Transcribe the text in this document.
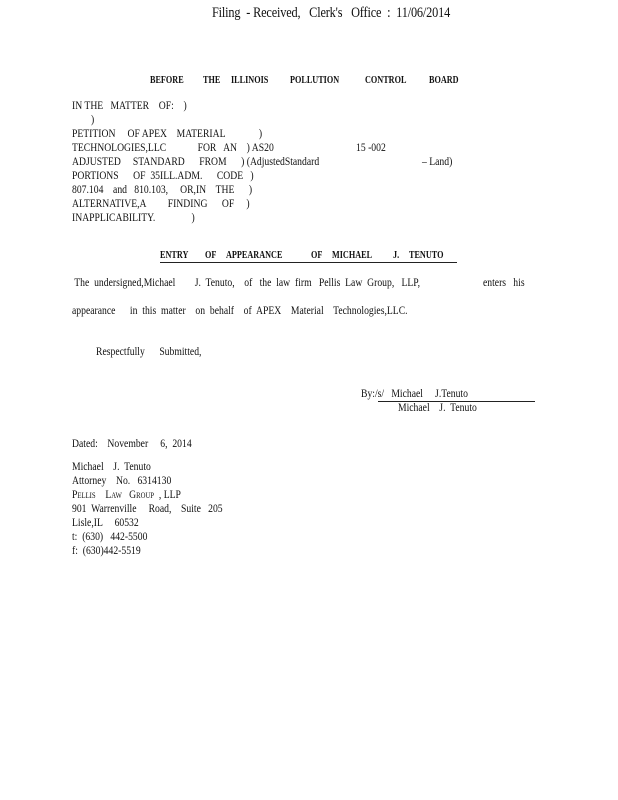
Filing  - Received,   Clerk's   Office  :  11/06/2014
BEFORE THE ILLINOIS POLLUTION CONTROL BOARD
IN THE   MATTER    OF:    )
)
PETITION     OF APEX    MATERIAL              )
TECHNOLOGIES,LLC             FOR   AN    ) AS20	15 -002
ADJUSTED     STANDARD      FROM      ) (AdjustedStandard	– Land)
PORTIONS      OF  35ILL.ADM.      CODE   )
807.104    and   810.103,     OR,IN    THE      )
ALTERNATIVE,A         FINDING      OF     )
INAPPLICABILITY.               )
ENTRY OF APPEARANCE	OF MICHAEL J. TENUTO
The  undersigned,Michael        J.  Tenuto,    of   the  law  firm   Pellis  Law  Group,   LLP,	enters   his
appearance      in  this  matter    on  behalf    of  APEX    Material    Technologies,LLC.
Respectfully      Submitted,
By:/s/   Michael     J.Tenuto
Michael    J.  Tenuto
Dated:    November     6,  2014
Michael    J.  Tenuto
Attorney    No.   6314130
Pellis Law Group , LLP
901  Warrenville     Road,    Suite   205
Lisle,IL     60532
t:  (630)   442-5500
f:  (630)442-5519
